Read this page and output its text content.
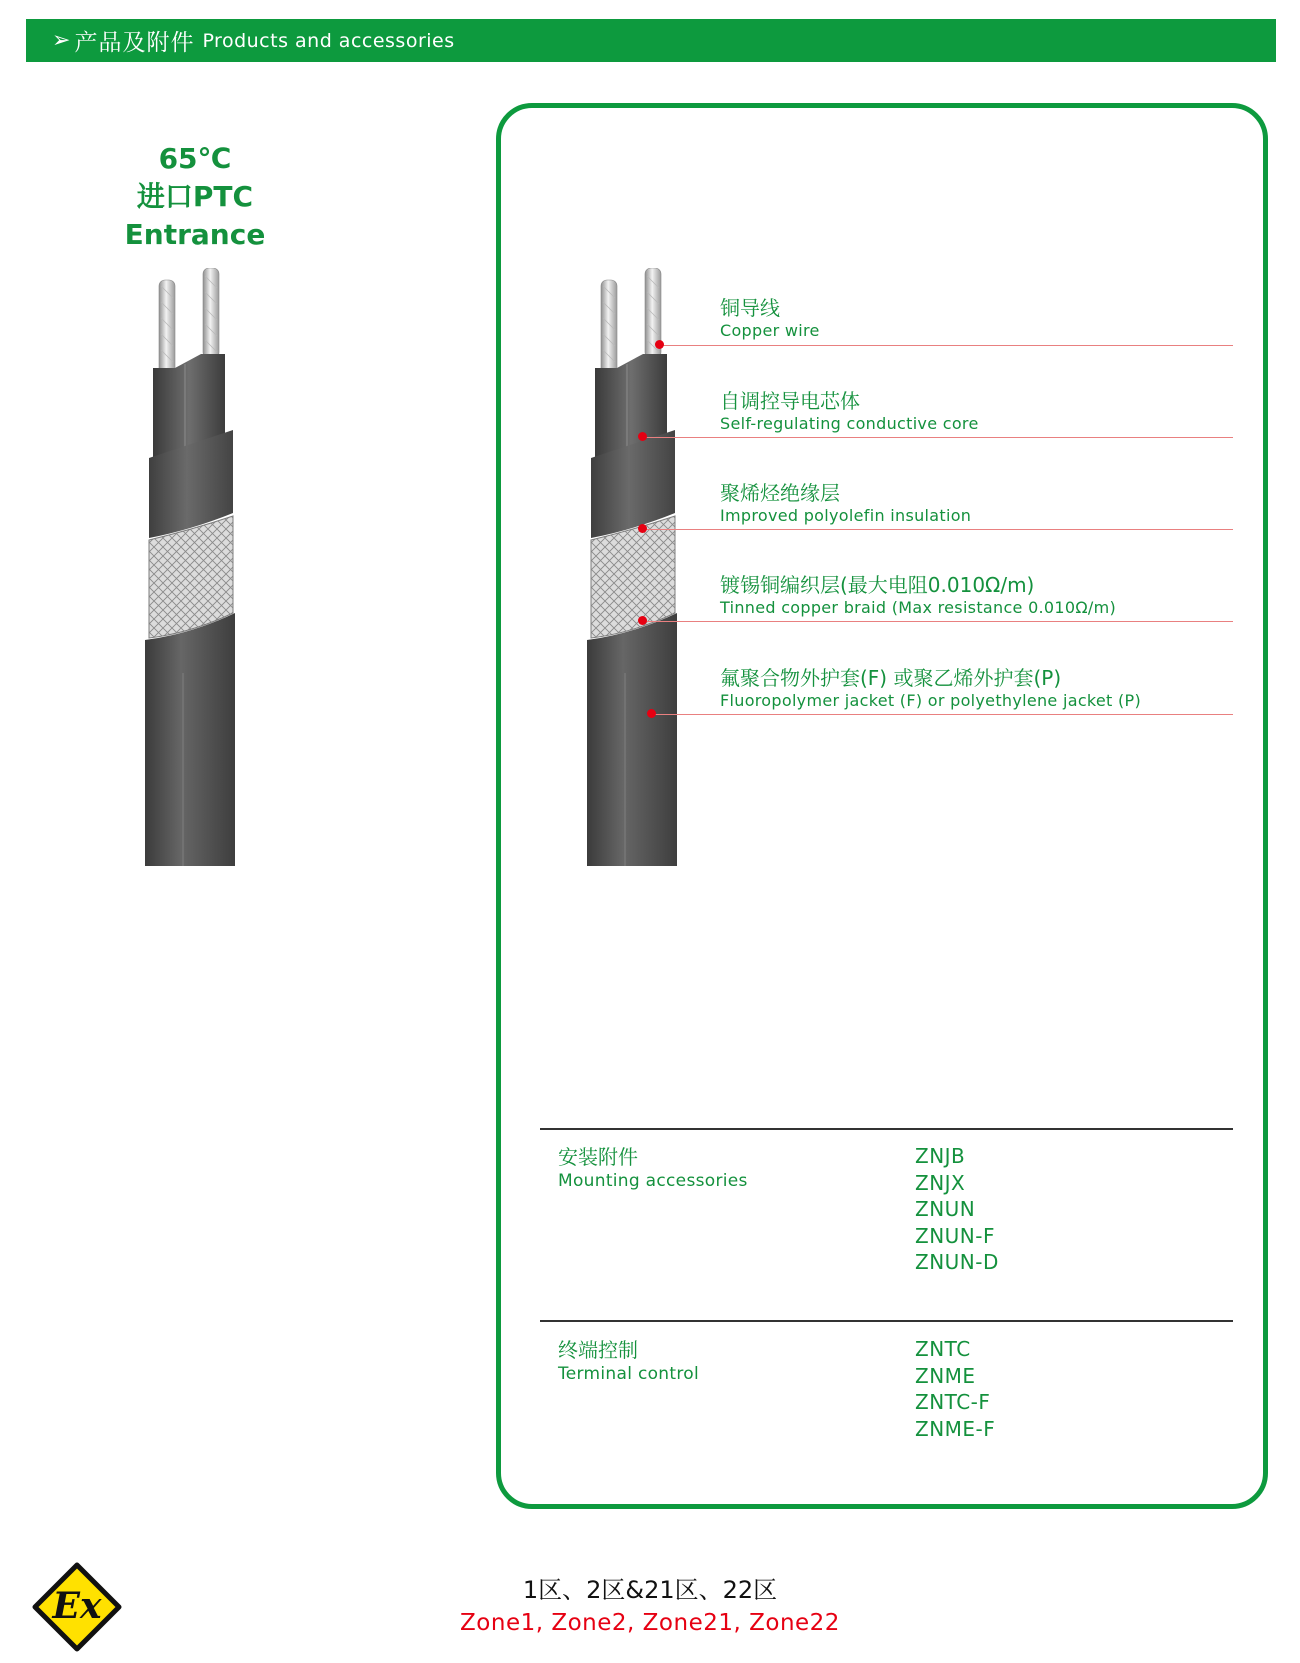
➢ 产品及附件 Products and accessories
65℃
进口PTC
Entrance
铜导线
Copper wire
自调控导电芯体
Self-regulating conductive core
聚烯烃绝缘层
Improved polyolefin insulation
镀锡铜编织层(最大电阻0.010Ω/m)
Tinned copper braid (Max resistance 0.010Ω/m)
氟聚合物外护套(F) 或聚乙烯外护套(P)
Fluoropolymer jacket (F) or polyethylene jacket (P)
安装附件
Mounting accessories
ZNJB
ZNJX
ZNUN
ZNUN-F
ZNUN-D
终端控制
Terminal control
ZNTC
ZNME
ZNTC-F
ZNME-F
Ex	1区、2区&21区、22区
Zone1, Zone2, Zone21, Zone22
